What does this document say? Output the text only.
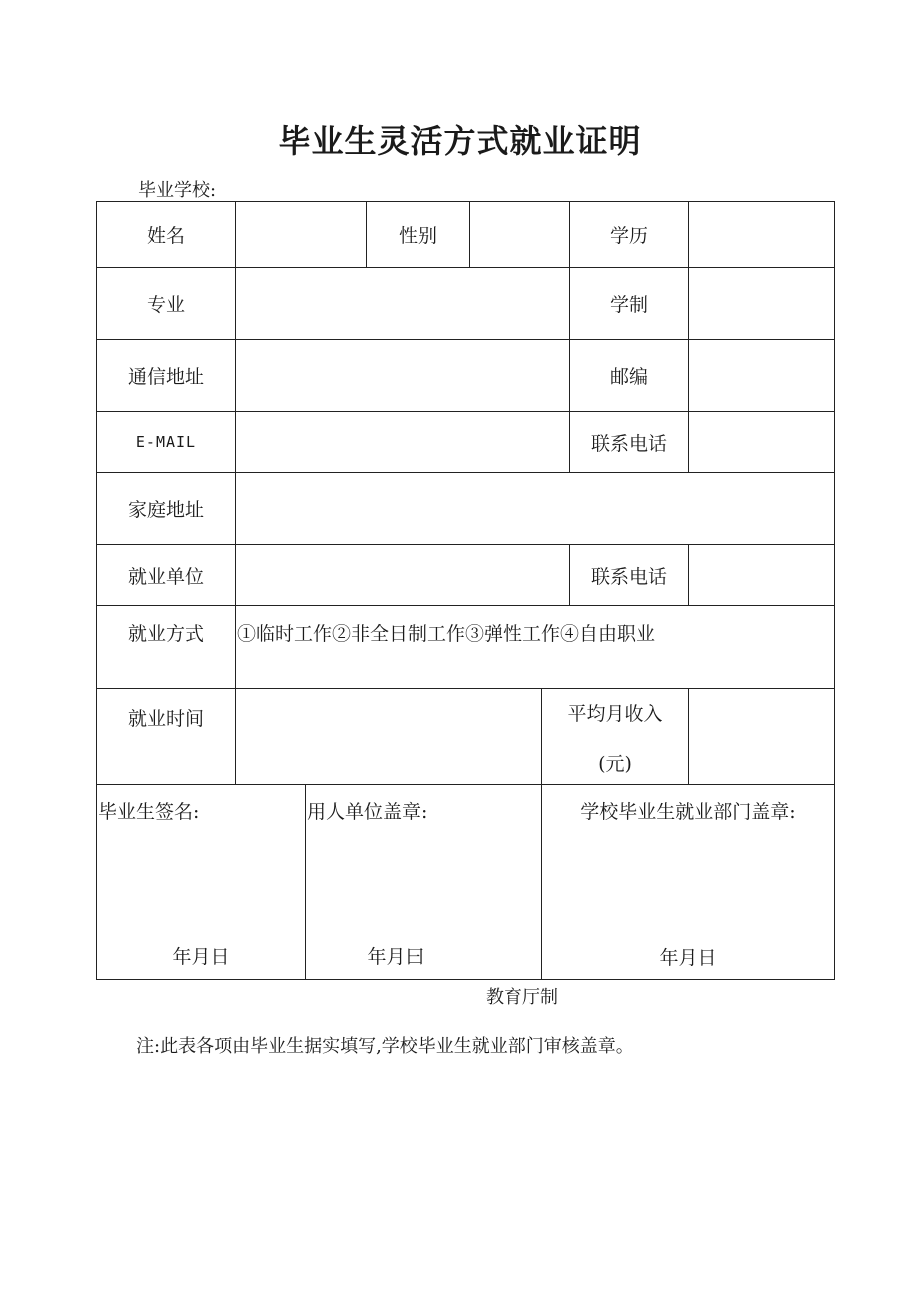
毕业生灵活方式就业证明
毕业学校:
姓名	性别	学历
专业	学制
通信地址	邮编
E-MAIL	联系电话
家庭地址
就业单位	联系电话
就业方式	①临时工作②非全日制工作③弹性工作④自由职业
就业时间	平均月收入
(元)
毕业生签名:	用人单位盖章:	学校毕业生就业部门盖章:
年月日	年月曰	年月日
教育厅制
注:此表各项由毕业生据实填写,学校毕业生就业部门审核盖章。
